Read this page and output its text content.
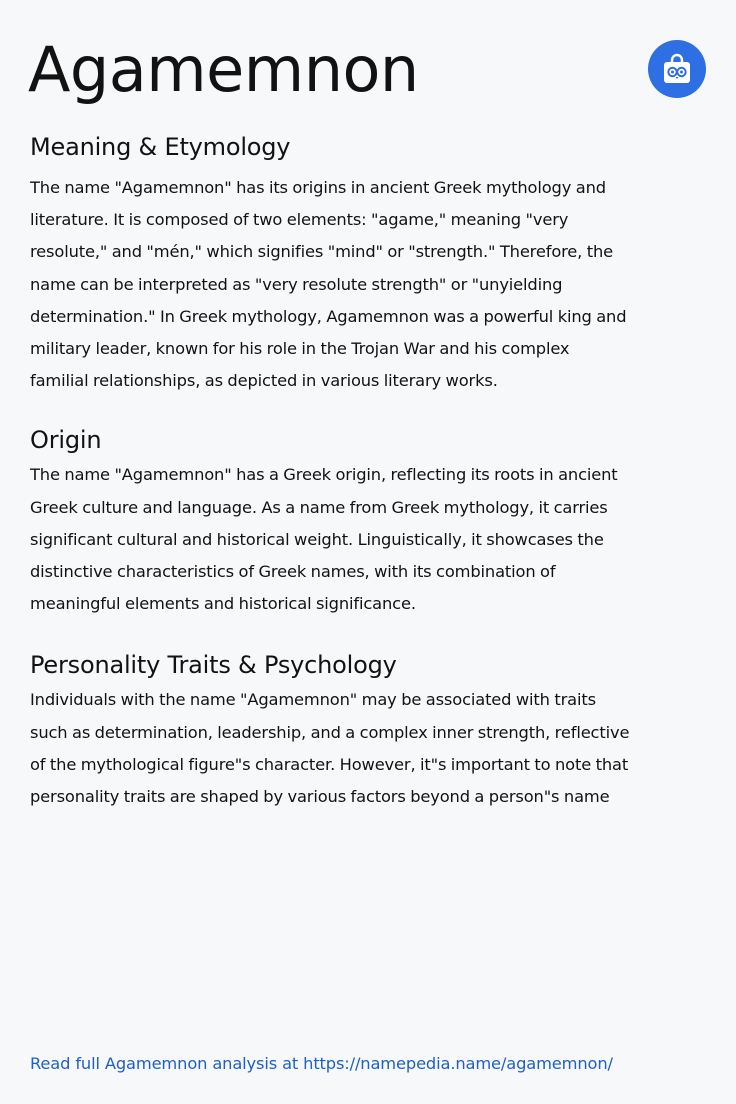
Agamemnon
Meaning & Etymology

The name "Agamemnon" has its origins in ancient Greek mythology and literature. It is composed of two elements: "agame," meaning "very resolute," and "mén," which signifies "mind" or "strength." Therefore, the name can be interpreted as "very resolute strength" or "unyielding determination." In Greek mythology, Agamemnon was a powerful king and military leader, known for his role in the Trojan War and his complex familial relationships, as depicted in various literary works.

Origin

The name "Agamemnon" has a Greek origin, reflecting its roots in ancient Greek culture and language. As a name from Greek mythology, it carries significant cultural and historical weight. Linguistically, it showcases the distinctive characteristics of Greek names, with its combination of meaningful elements and historical significance.

Personality Traits & Psychology

Individuals with the name "Agamemnon" may be associated with traits such as determination, leadership, and a complex inner strength, reflective of the mythological figure"s character. However, it"s important to note that personality traits are shaped by various factors beyond a person"s name

Read full Agamemnon analysis at https://namepedia.name/agamemnon/
